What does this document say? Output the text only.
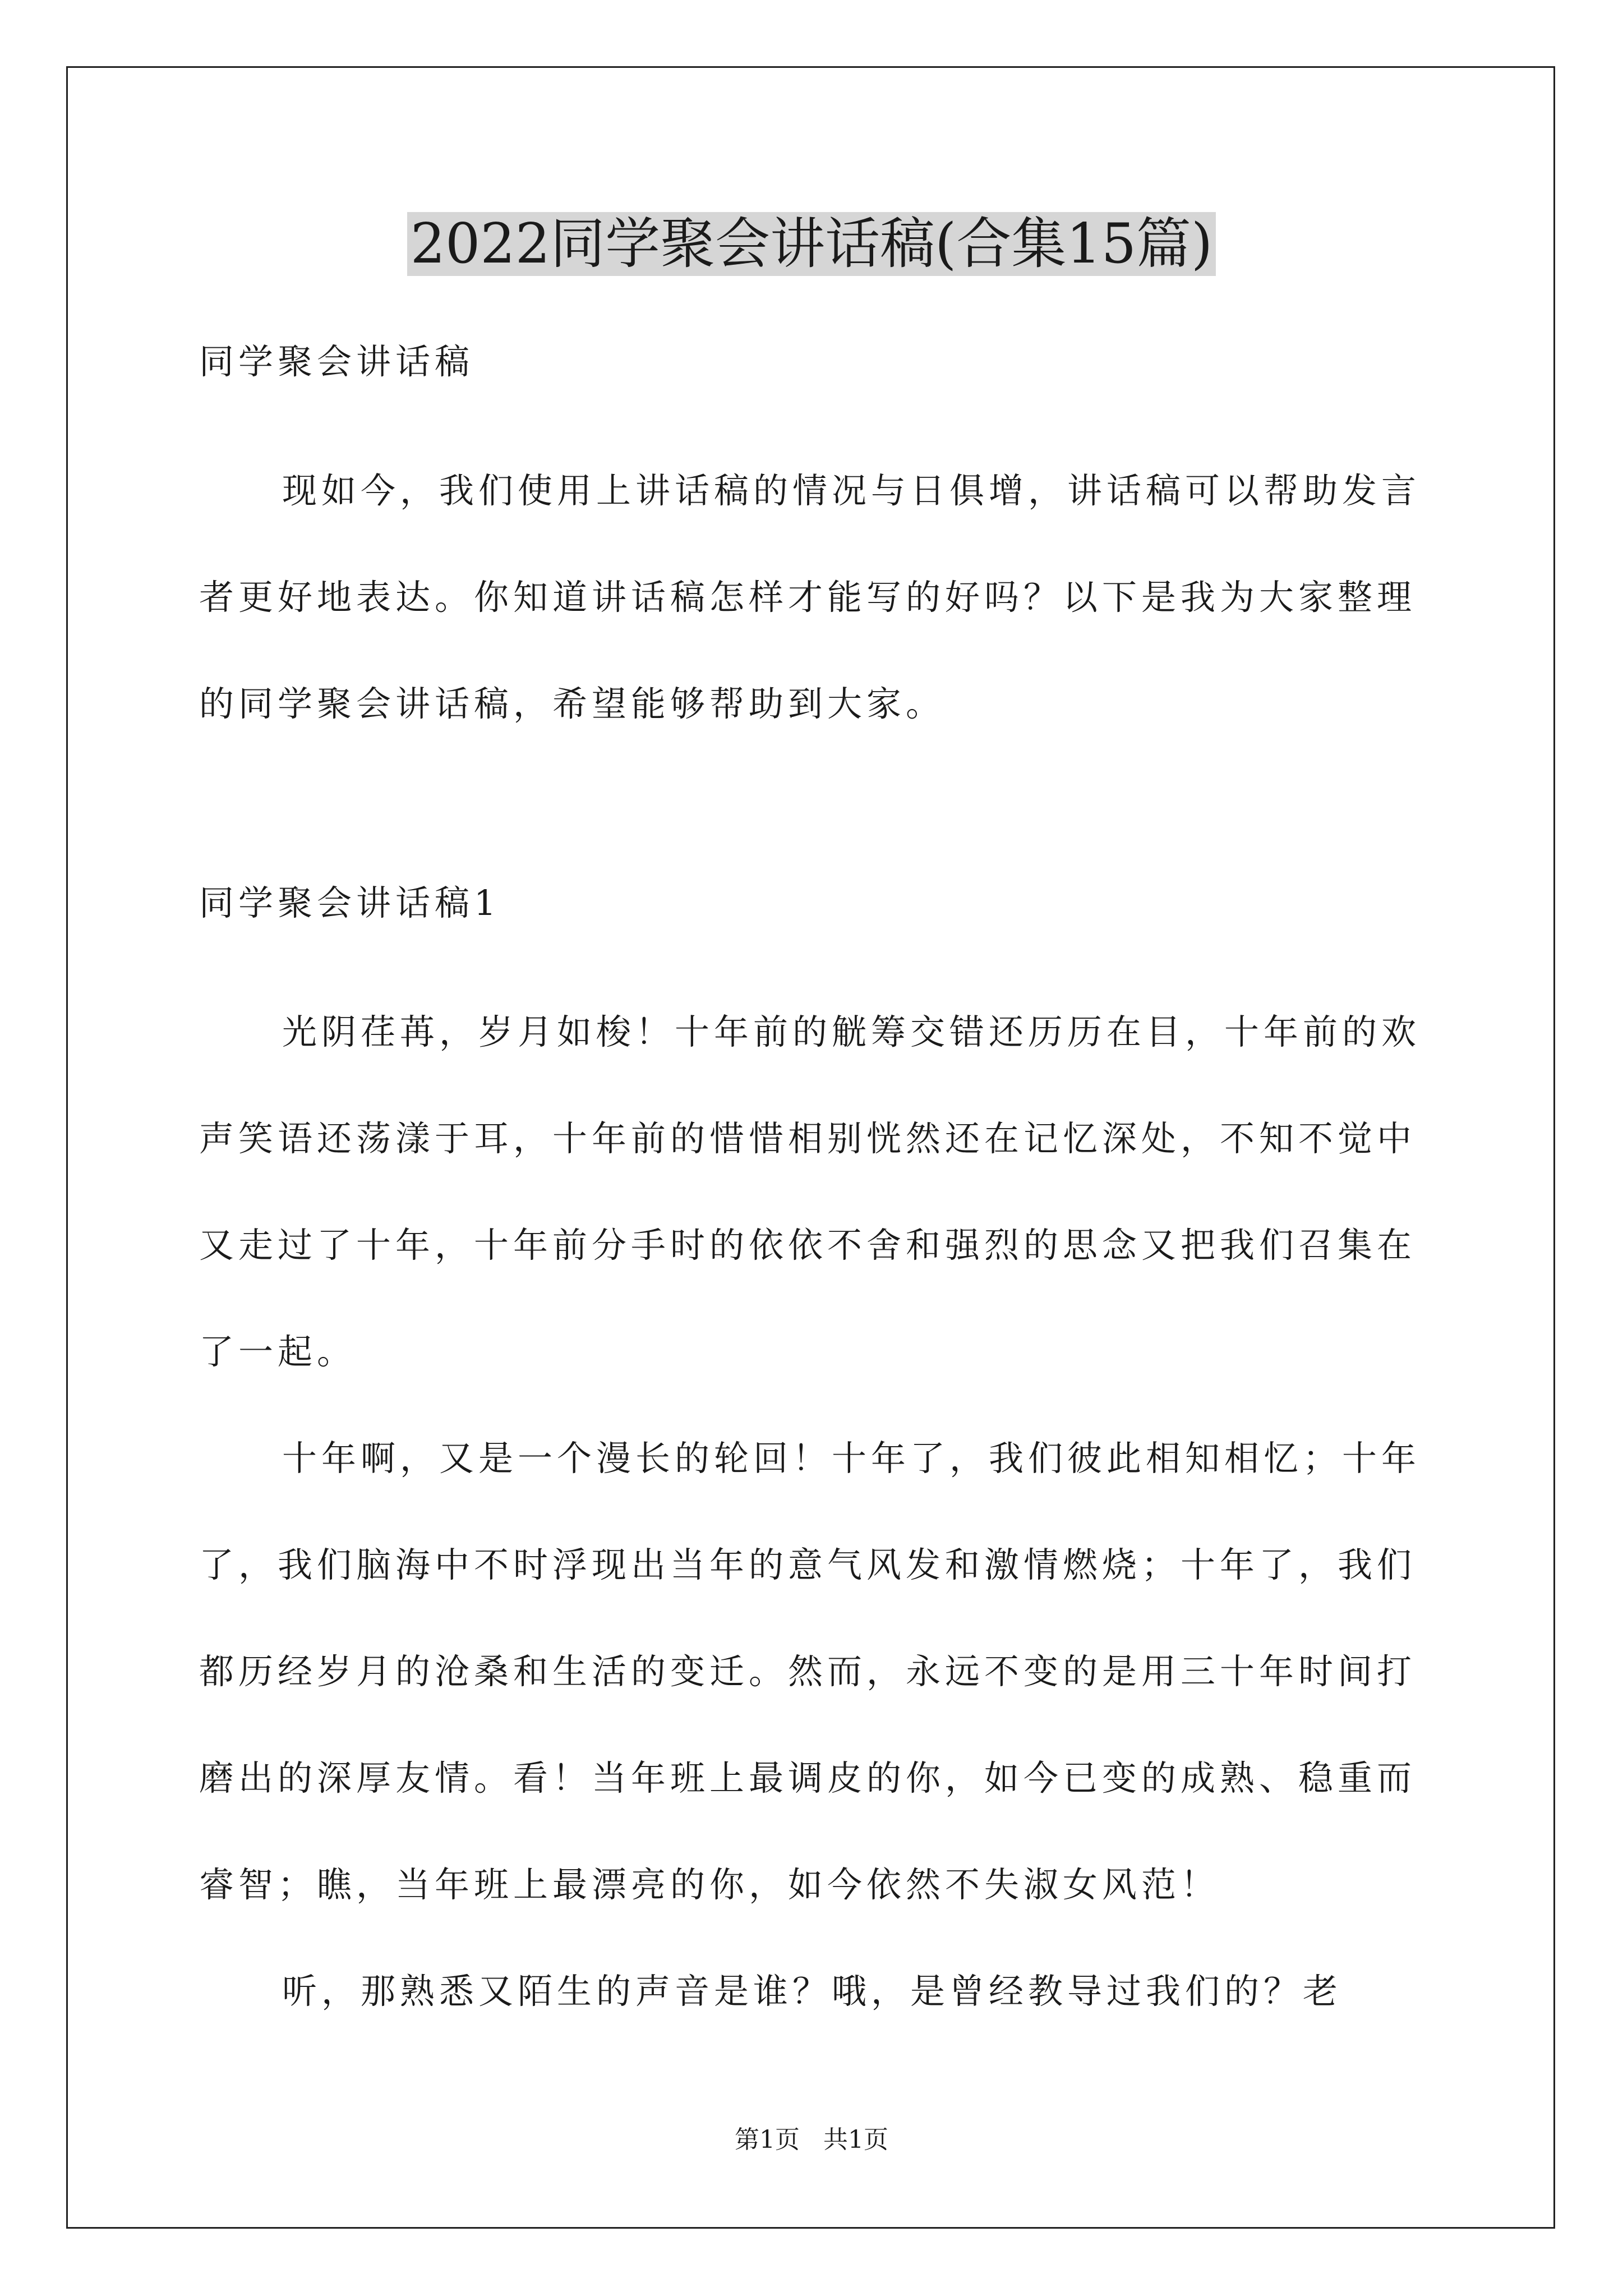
2022同学聚会讲话稿(合集15篇)
同学聚会讲话稿

现如今，我们使用上讲话稿的情况与日俱增，讲话稿可以帮助发言者更好地表达。你知道讲话稿怎样才能写的好吗？以下是我为大家整理的同学聚会讲话稿，希望能够帮助到大家。

同学聚会讲话稿1

光阴荏苒，岁月如梭！十年前的觥筹交错还历历在目，十年前的欢声笑语还荡漾于耳，十年前的惜惜相别恍然还在记忆深处，不知不觉中又走过了十年，十年前分手时的依依不舍和强烈的思念又把我们召集在了一起。

十年啊，又是一个漫长的轮回！十年了，我们彼此相知相忆；十年了，我们脑海中不时浮现出当年的意气风发和激情燃烧；十年了，我们都历经岁月的沧桑和生活的变迁。然而，永远不变的是用三十年时间打磨出的深厚友情。看！当年班上最调皮的你，如今已变的成熟、稳重而睿智；瞧，当年班上最漂亮的你，如今依然不失淑女风范！

听，那熟悉又陌生的声音是谁？哦，是曾经教导过我们的？老

第1页 共1页
